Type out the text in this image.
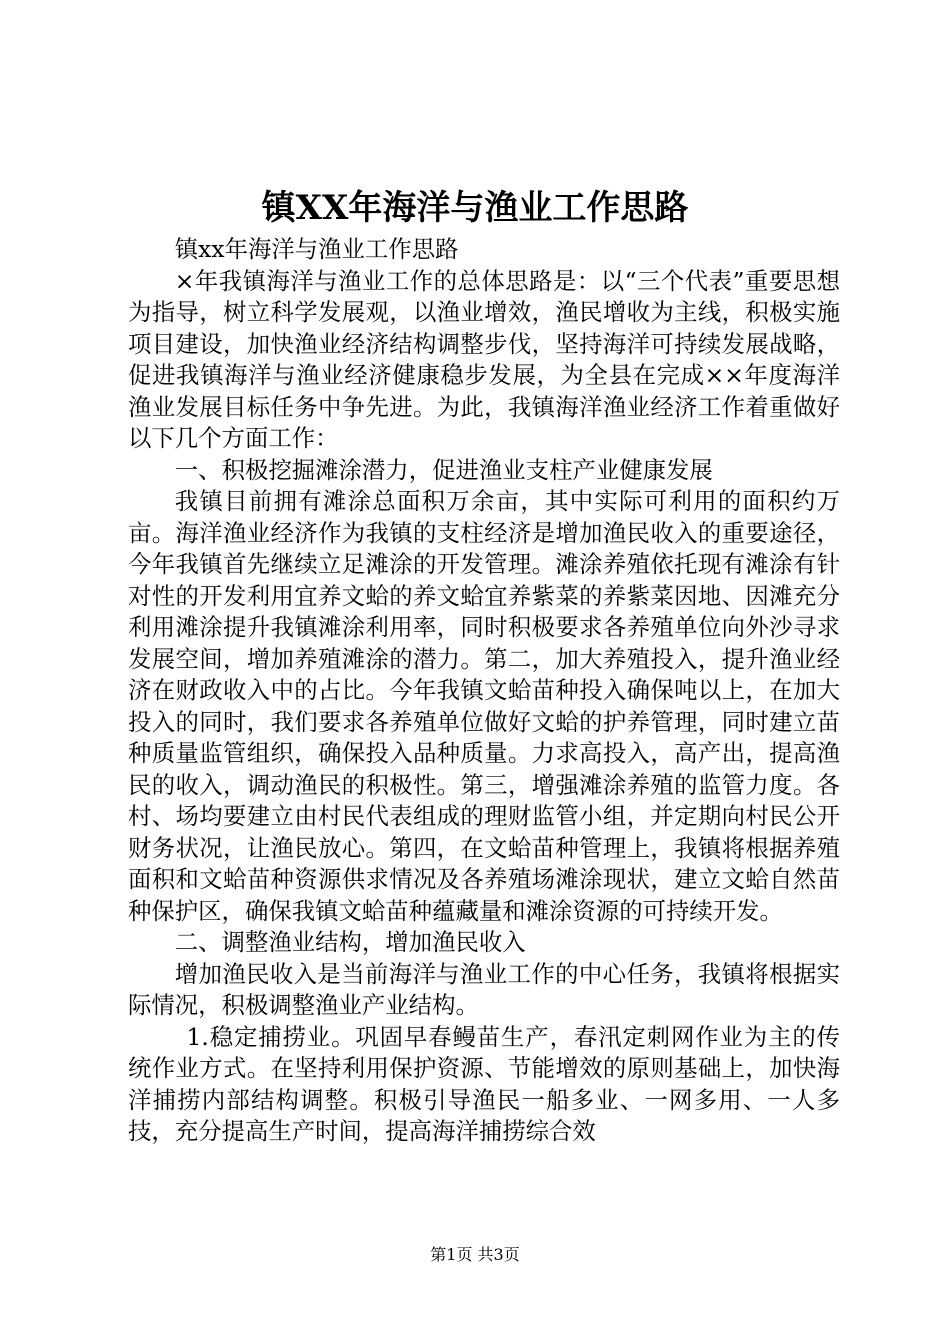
镇XX年海洋与渔业工作思路

镇xx年海洋与渔业工作思路

×年我镇海洋与渔业工作的总体思路是：以“三个代表”重要思想为指导，树立科学发展观，以渔业增效，渔民增收为主线，积极实施项目建设，加快渔业经济结构调整步伐，坚持海洋可持续发展战略，促进我镇海洋与渔业经济健康稳步发展，为全县在完成××年度海洋渔业发展目标任务中争先进。为此，我镇海洋渔业经济工作着重做好以下几个方面工作：

一、积极挖掘滩涂潜力，促进渔业支柱产业健康发展

我镇目前拥有滩涂总面积万余亩，其中实际可利用的面积约万亩。海洋渔业经济作为我镇的支柱经济是增加渔民收入的重要途径，今年我镇首先继续立足滩涂的开发管理。滩涂养殖依托现有滩涂有针对性的开发利用宜养文蛤的养文蛤宜养紫菜的养紫菜因地、因滩充分利用滩涂提升我镇滩涂利用率，同时积极要求各养殖单位向外沙寻求发展空间，增加养殖滩涂的潜力。第二，加大养殖投入，提升渔业经济在财政收入中的占比。今年我镇文蛤苗种投入确保吨以上，在加大投入的同时，我们要求各养殖单位做好文蛤的护养管理，同时建立苗种质量监管组织，确保投入品种质量。力求高投入，高产出，提高渔民的收入，调动渔民的积极性。第三，增强滩涂养殖的监管力度。各村、场均要建立由村民代表组成的理财监管小组，并定期向村民公开财务状况，让渔民放心。第四，在文蛤苗种管理上，我镇将根据养殖面积和文蛤苗种资源供求情况及各养殖场滩涂现状，建立文蛤自然苗种保护区，确保我镇文蛤苗种蕴藏量和滩涂资源的可持续开发。

二、调整渔业结构，增加渔民收入

增加渔民收入是当前海洋与渔业工作的中心任务，我镇将根据实际情况，积极调整渔业产业结构。

1.稳定捕捞业。巩固早春鳗苗生产，春汛定刺网作业为主的传统作业方式。在坚持利用保护资源、节能增效的原则基础上，加快海洋捕捞内部结构调整。积极引导渔民一船多业、一网多用、一人多技，充分提高生产时间，提高海洋捕捞综合效

第1页 共3页
